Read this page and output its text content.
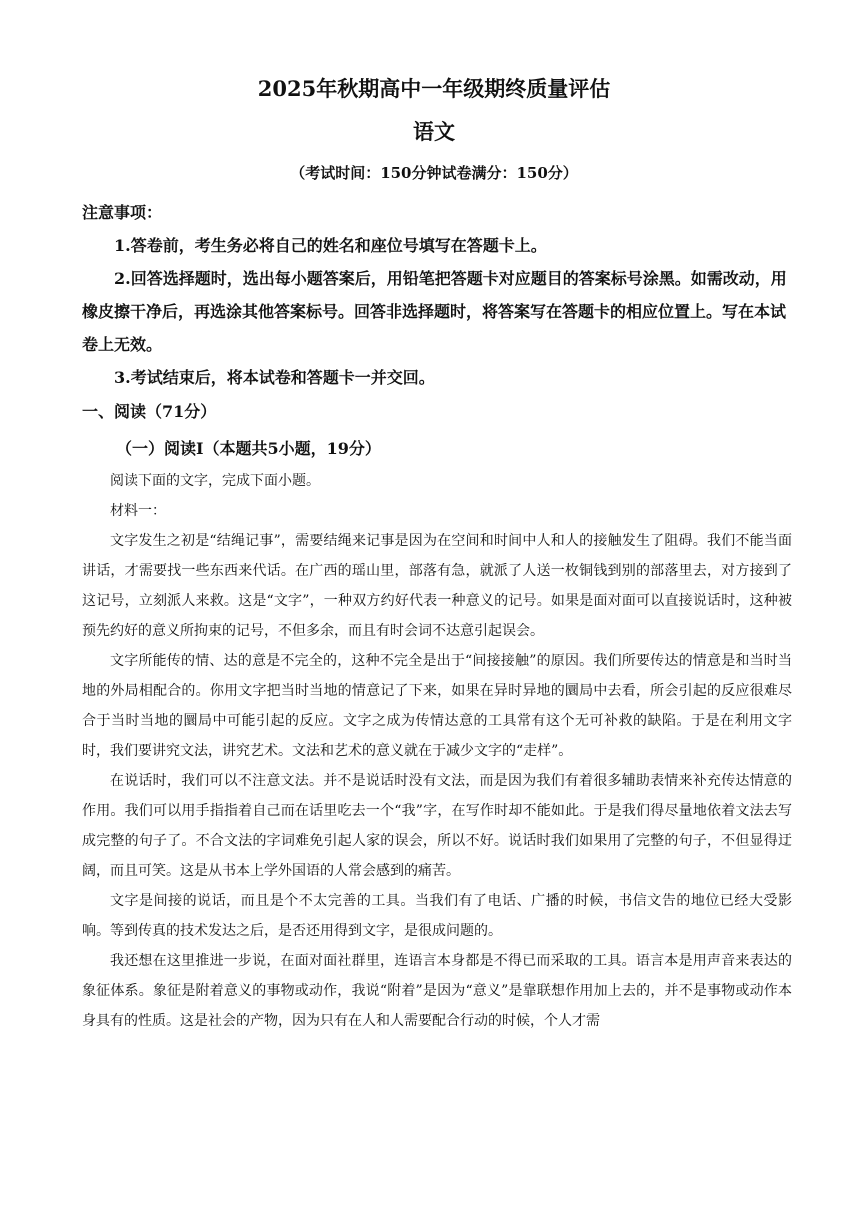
2025年秋期高中一年级期终质量评估
语文
（考试时间：150分钟试卷满分：150分）

注意事项：

1.答卷前，考生务必将自己的姓名和座位号填写在答题卡上。

2.回答选择题时，选出每小题答案后，用铅笔把答题卡对应题目的答案标号涂黑。如需改动，用橡皮擦干净后，再选涂其他答案标号。回答非选择题时，将答案写在答题卡的相应位置上。写在本试卷上无效。

3.考试结束后，将本试卷和答题卡一并交回。

一、阅读（71分）
（一）阅读Ⅰ（本题共5小题，19分）

阅读下面的文字，完成下面小题。

材料一：

文字发生之初是“结绳记事”，需要结绳来记事是因为在空间和时间中人和人的接触发生了阻碍。我们不能当面讲话，才需要找一些东西来代话。在广西的瑶山里，部落有急，就派了人送一枚铜钱到别的部落里去，对方接到了这记号，立刻派人来救。这是“文字”，一种双方约好代表一种意义的记号。如果是面对面可以直接说话时，这种被预先约好的意义所拘束的记号，不但多余，而且有时会词不达意引起误会。

文字所能传的情、达的意是不完全的，这种不完全是出于“间接接触”的原因。我们所要传达的情意是和当时当地的外局相配合的。你用文字把当时当地的情意记了下来，如果在异时异地的圜局中去看，所会引起的反应很难尽合于当时当地的圜局中可能引起的反应。文字之成为传情达意的工具常有这个无可补救的缺陷。于是在利用文字时，我们要讲究文法，讲究艺术。文法和艺术的意义就在于减少文字的“走样”。

在说话时，我们可以不注意文法。并不是说话时没有文法，而是因为我们有着很多辅助表情来补充传达情意的作用。我们可以用手指指着自己而在话里吃去一个“我”字，在写作时却不能如此。于是我们得尽量地依着文法去写成完整的句子了。不合文法的字词难免引起人家的误会，所以不好。说话时我们如果用了完整的句子，不但显得迂阔，而且可笑。这是从书本上学外国语的人常会感到的痛苦。

文字是间接的说话，而且是个不太完善的工具。当我们有了电话、广播的时候，书信文告的地位已经大受影响。等到传真的技术发达之后，是否还用得到文字，是很成问题的。

我还想在这里推进一步说，在面对面社群里，连语言本身都是不得已而采取的工具。语言本是用声音来表达的象征体系。象征是附着意义的事物或动作，我说“附着”是因为“意义”是靠联想作用加上去的，并不是事物或动作本身具有的性质。这是社会的产物，因为只有在人和人需要配合行动的时候，个人才需
